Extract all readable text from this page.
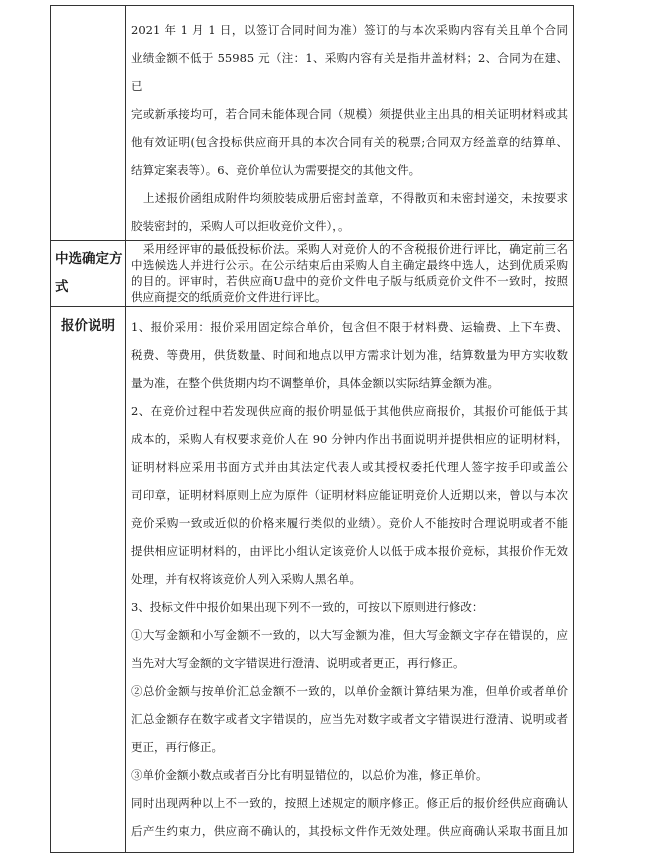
2021 年 1 月 1 日，以签订合同时间为准）签订的与本次采购内容有关且单个合同
业绩金额不低于 55985 元（注：1、采购内容有关是指井盖材料；2、合同为在建、已
完或新承接均可，若合同未能体现合同（规模）须提供业主出具的相关证明材料或其
他有效证明(包含投标供应商开具的本次合同有关的税票;合同双方经盖章的结算单、
结算定案表等）。6、竞价单位认为需要提交的其他文件。
上述报价函组成附件均须胶装成册后密封盖章，不得散页和未密封递交，未按要求
胶装密封的，采购人可以拒收竞价文件），。
中选确定方
式
采用经评审的最低投标价法。采购人对竞价人的不含税报价进行评比，确定前三名
中选候选人并进行公示。在公示结束后由采购人自主确定最终中选人，达到优质采购
的目的。评审时，若供应商U盘中的竞价文件电子版与纸质竞价文件不一致时，按照
供应商提交的纸质竞价文件进行评比。
报价说明	1、报价采用：报价采用固定综合单价，包含但不限于材料费、运输费、上下车费、
税费、等费用，供货数量、时间和地点以甲方需求计划为准，结算数量为甲方实收数
量为准，在整个供货期内均不调整单价，具体金额以实际结算金额为准。
2、在竞价过程中若发现供应商的报价明显低于其他供应商报价，其报价可能低于其
成本的，采购人有权要求竞价人在 90 分钟内作出书面说明并提供相应的证明材料，
证明材料应采用书面方式并由其法定代表人或其授权委托代理人签字按手印或盖公
司印章，证明材料原则上应为原件（证明材料应能证明竞价人近期以来，曾以与本次
竞价采购一致或近似的价格来履行类似的业绩）。竞价人不能按时合理说明或者不能
提供相应证明材料的，由评比小组认定该竞价人以低于成本报价竞标，其报价作无效
处理，并有权将该竞价人列入采购人黑名单。
3、投标文件中报价如果出现下列不一致的，可按以下原则进行修改：
①大写金额和小写金额不一致的，以大写金额为准，但大写金额文字存在错误的，应
当先对大写金额的文字错误进行澄清、说明或者更正，再行修正。
②总价金额与按单价汇总金额不一致的，以单价金额计算结果为准，但单价或者单价
汇总金额存在数字或者文字错误的，应当先对数字或者文字错误进行澄清、说明或者
更正，再行修正。
③单价金额小数点或者百分比有明显错位的，以总价为准，修正单价。
同时出现两种以上不一致的，按照上述规定的顺序修正。修正后的报价经供应商确认
后产生约束力，供应商不确认的，其投标文件作无效处理。供应商确认采取书面且加
